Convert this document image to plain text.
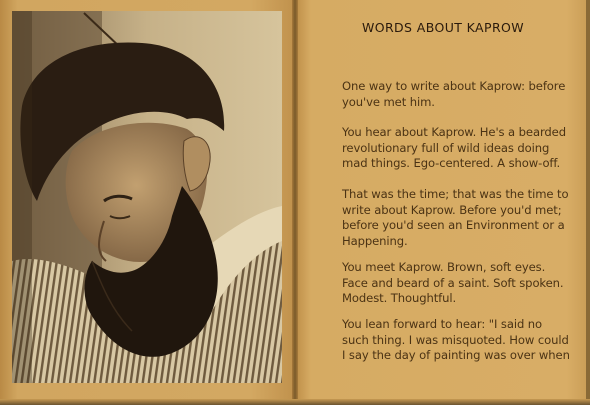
WORDS ABOUT KAPROW
One way to write about Kaprow: before
you've met him.
You hear about Kaprow. He's a bearded
revolutionary full of wild ideas doing
mad things. Ego-centered. A show-off.
That was the time; that was the time to
write about Kaprow. Before you'd met;
before you'd seen an Environment or a
Happening.
You meet Kaprow. Brown, soft eyes.
Face and beard of a saint. Soft spoken.
Modest. Thoughtful.
You lean forward to hear: "I said no
such thing. I was misquoted. How could
I say the day of painting was over when
